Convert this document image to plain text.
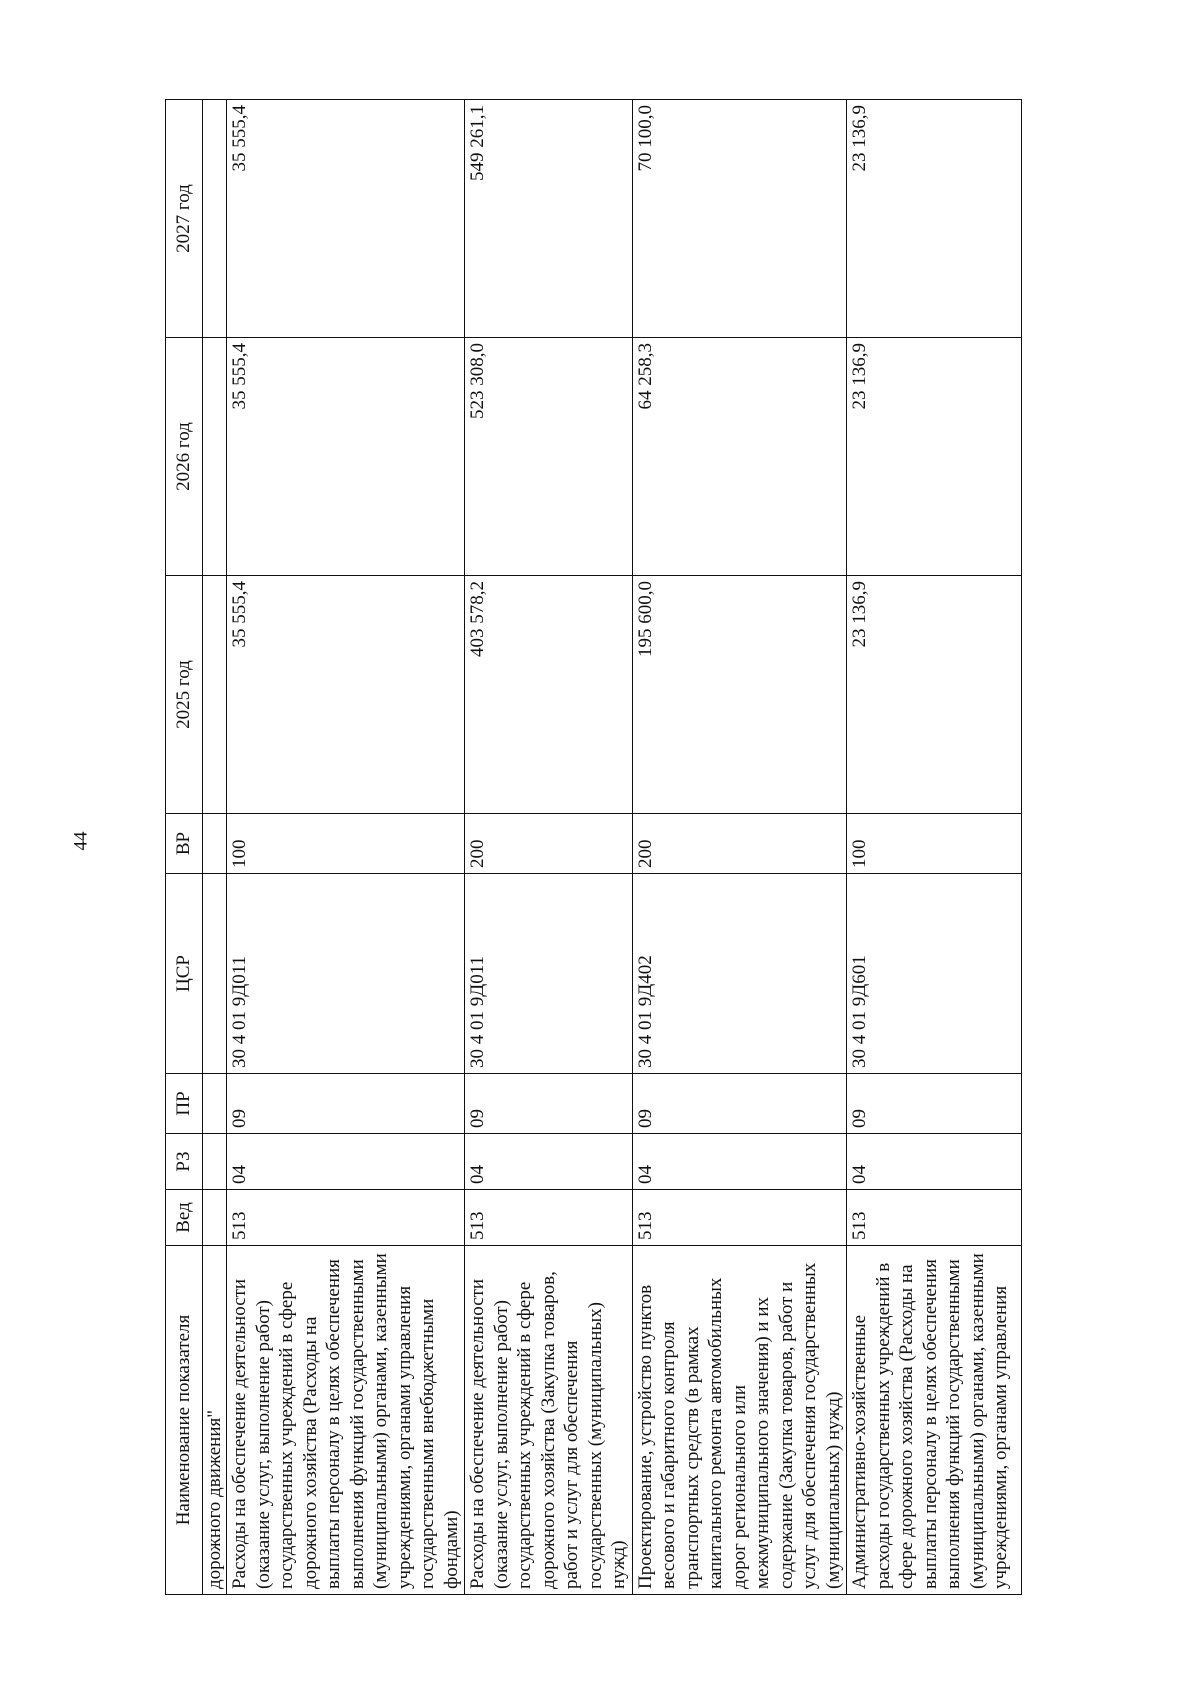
44
Наименование показателя	Вед	РЗ	ПР	ЦСР	ВР	2025 год	2026 год	2027 год
дорожного движения"								
Расходы на обеспечение деятельности (оказание услуг, выполнение работ) государственных учреждений в сфере дорожного хозяйства (Расходы на выплаты персоналу в целях обеспечения выполнения функций государственными (муниципальными) органами, казенными учреждениями, органами управления государственными внебюджетными фондами)	513	04	09	30 4 01 9Д011	100	35 555,4	35 555,4	35 555,4
Расходы на обеспечение деятельности (оказание услуг, выполнение работ) государственных учреждений в сфере дорожного хозяйства (Закупка товаров, работ и услуг для обеспечения государственных (муниципальных) нужд)	513	04	09	30 4 01 9Д011	200	403 578,2	523 308,0	549 261,1
Проектирование, устройство пунктов весового и габаритного контроля транспортных средств (в рамках капитального ремонта автомобильных дорог регионального или межмуниципального значения) и их содержание (Закупка товаров, работ и услуг для обеспечения государственных (муниципальных) нужд)	513	04	09	30 4 01 9Д402	200	195 600,0	64 258,3	70 100,0
Административно-хозяйственные расходы государственных учреждений в сфере дорожного хозяйства (Расходы на выплаты персоналу в целях обеспечения выполнения функций государственными (муниципальными) органами, казенными учреждениями, органами управления	513	04	09	30 4 01 9Д601	100	23 136,9	23 136,9	23 136,9
